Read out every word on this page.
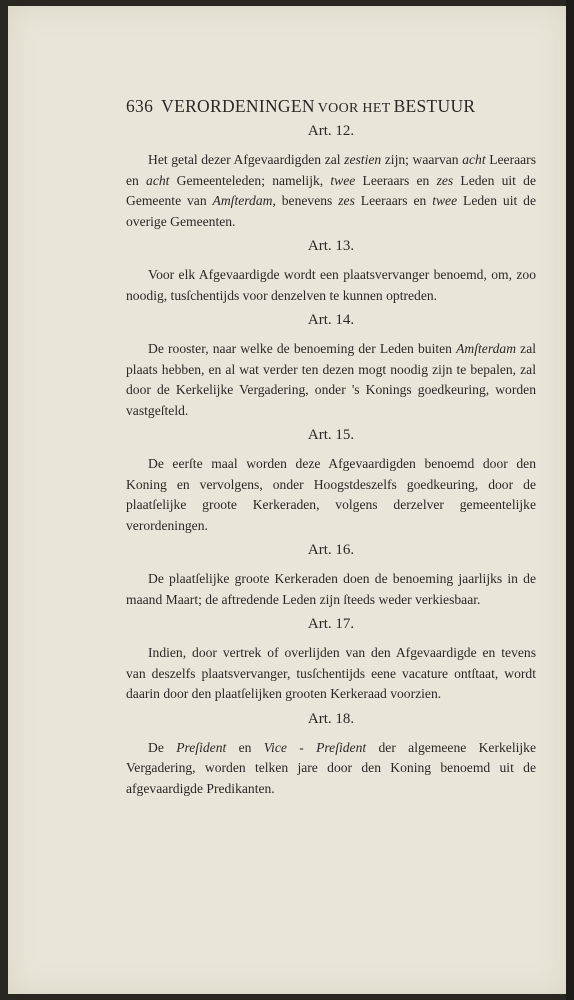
636 VERORDENINGEN VOOR HET BESTUUR
Art. 12.

Het getal dezer Afgevaardigden zal zestien zijn; waarvan acht Leeraars en acht Gemeenteleden; namelijk, twee Leeraars en zes Leden uit de Gemeente van Amſterdam, benevens zes Leeraars en twee Leden uit de overige Gemeenten.

Art. 13.

Voor elk Afgevaardigde wordt een plaatsvervanger benoemd, om, zoo noodig, tusſchentijds voor denzelven te kunnen optreden.

Art. 14.

De rooster, naar welke de benoeming der Leden buiten Amſterdam zal plaats hebben, en al wat verder ten dezen mogt noodig zijn te bepalen, zal door de Kerkelijke Vergadering, onder 's Konings goedkeuring, worden vastgeſteld.

Art. 15.

De eerſte maal worden deze Afgevaardigden benoemd door den Koning en vervolgens, onder Hoogstdeszelfs goedkeuring, door de plaatſelijke groote Kerkeraden, volgens derzelver gemeentelijke verordeningen.

Art. 16.

De plaatſelijke groote Kerkeraden doen de benoeming jaarlijks in de maand Maart; de aftredende Leden zijn ſteeds weder verkiesbaar.

Art. 17.

Indien, door vertrek of overlijden van den Afgevaardigde en tevens van deszelfs plaatsvervanger, tusſchentijds eene vacature ontſtaat, wordt daarin door den plaatſelijken grooten Kerkeraad voorzien.

Art. 18.

De Preſident en Vice - Preſident der algemeene Kerkelijke Vergadering, worden telken jare door den Koning benoemd uit de afgevaardigde Predikanten.
